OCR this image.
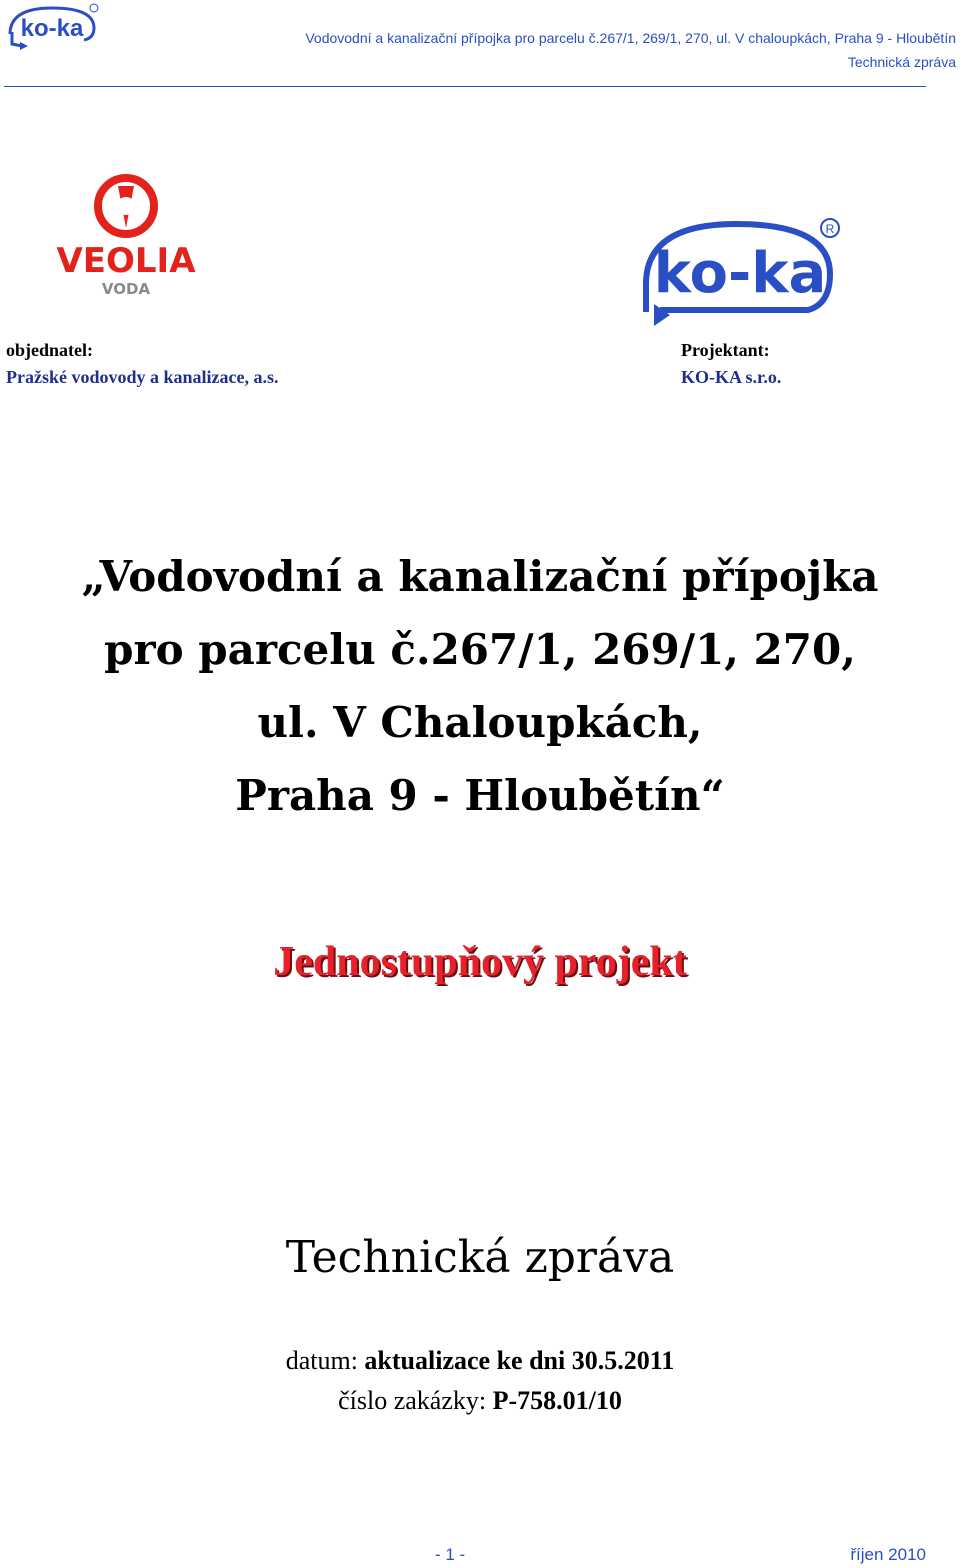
ko-ka	Vodovodní a kanalizační přípojka pro parcelu č.267/1, 269/1, 270, ul. V chaloupkách, Praha 9 - Hloubětín
Technická zpráva
VEOLIA
VODA	ko-ka
R
objednatel:
Pražské vodovody a kanalizace, a.s.
Projektant:
KO-KA s.r.o.
„Vodovodní a kanalizační přípojka
pro parcelu č.267/1, 269/1, 270,
ul. V Chaloupkách,
Praha 9 - Hloubětín“
Jednostupňový projekt
Technická zpráva
datum: aktualizace ke dni 30.5.2011
číslo zakázky: P-758.01/10
- 1 -	říjen 2010
